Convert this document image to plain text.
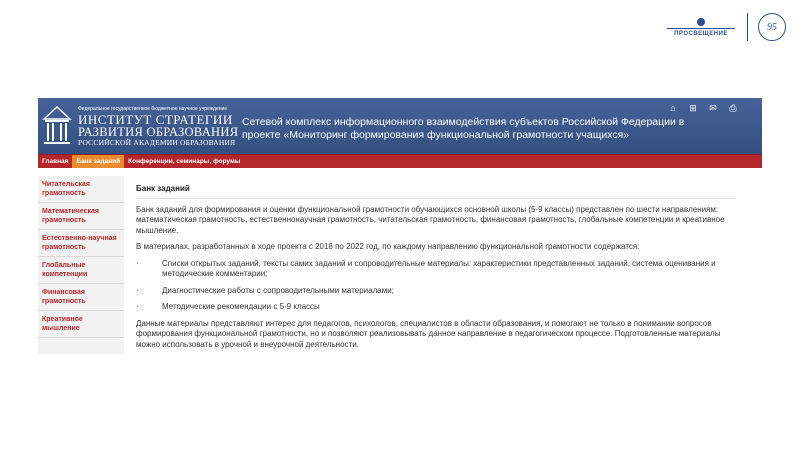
ПРОСВЕЩЕНИЕ
95
Федеральное государственное бюджетное научное учреждение
ИНСТИТУТ СТРАТЕГИИ
РАЗВИТИЯ ОБРАЗОВАНИЯ
РОССИЙСКОЙ АКАДЕМИИ ОБРАЗОВАНИЯ
Сетевой комплекс информационного взаимодействия субъектов Российской Федерации в проекте «Мониторинг формирования функциональной грамотности учащихся»
⌂ ⊞ ✉ ⎙
Главная	Банк заданий	Конференции, семинары, форумы
Читательская грамотность
Математическая грамотность
Естественно-научная грамотность
Глобальные компетенции
Финансовая грамотность
Креативное мышление
Банк заданий

Банк заданий для формирования и оценки функциональной грамотности обучающихся основной школы (5-9 классы) представлен по шести направлениям: математическая грамотность, естественнонаучная грамотность, читательская грамотность, финансовая грамотность, глобальные компетенции и креативное мышление.

В материалах, разработанных в ходе проекта с 2018 по 2022 год, по каждому направлению функциональной грамотности содержатся:

·	Списки открытых заданий, тексты самих заданий и сопроводительные материалы: характеристики представленных заданий, система оценивания и методические комментарии;
·	Диагностические работы с сопроводительными материалами;
·	Методические рекомендации с 5-9 классы

Данные материалы представляют интерес для педагогов, психологов, специалистов в области образования, и помогают не только в понимании вопросов формирования функциональной грамотности, но и позволяют реализовывать данное направление в педагогическом процессе. Подготовленные материалы можно использовать в урочной и внеурочной деятельности.
